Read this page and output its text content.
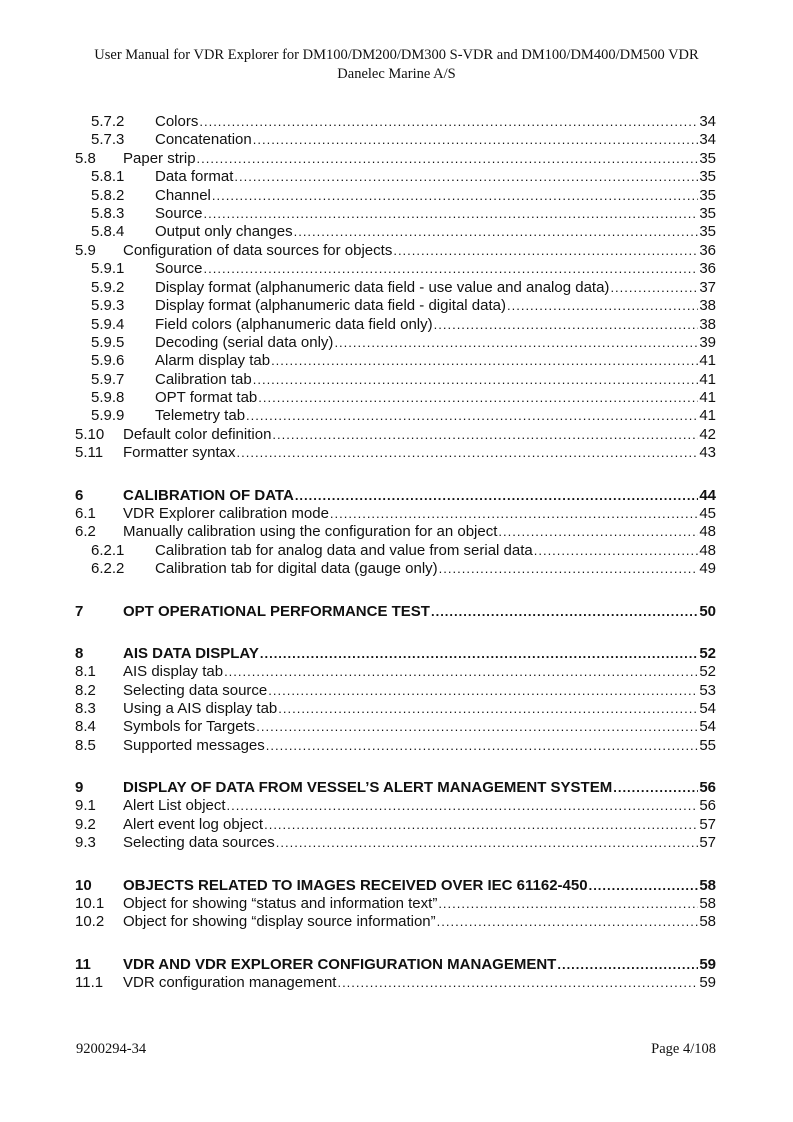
User Manual for VDR Explorer for DM100/DM200/DM300 S-VDR and DM100/DM400/DM500 VDR
Danelec Marine A/S
5.7.2 Colors .....	34
5.7.3 Concatenation .....	34
5.8 Paper strip .....	35
5.8.1 Data format .....	35
5.8.2 Channel .....	35
5.8.3 Source .....	35
5.8.4 Output only changes .....	35
5.9 Configuration of data sources for objects .....	36
5.9.1 Source .....	36
5.9.2 Display format (alphanumeric data field - use value and analog data) .....	37
5.9.3 Display format (alphanumeric data field - digital data) .....	38
5.9.4 Field colors (alphanumeric data field only) .....	38
5.9.5 Decoding (serial data only) .....	39
5.9.6 Alarm display tab .....	41
5.9.7 Calibration tab .....	41
5.9.8 OPT format tab .....	41
5.9.9 Telemetry tab .....	41
5.10 Default color definition .....	42
5.11 Formatter syntax .....	43
6	CALIBRATION OF DATA .....	44
6.1 VDR Explorer calibration mode .....	45
6.2 Manually calibration using the configuration for an object .....	48
6.2.1 Calibration tab for analog data and value from serial data .....	48
6.2.2 Calibration tab for digital data (gauge only) .....	49
7	OPT OPERATIONAL PERFORMANCE TEST .....	50
8	AIS DATA DISPLAY .....	52
8.1 AIS display tab .....	52
8.2 Selecting data source .....	53
8.3 Using a AIS display tab .....	54
8.4 Symbols for Targets .....	54
8.5 Supported messages .....	55
9	DISPLAY OF DATA FROM VESSEL’S ALERT MANAGEMENT SYSTEM .....	56
9.1 Alert List object .....	56
9.2 Alert event log object .....	57
9.3 Selecting data sources .....	57
10 OBJECTS RELATED TO IMAGES RECEIVED OVER IEC 61162-450 .....	58
10.1 Object for showing “status and information text” .....	58
10.2 Object for showing “display source information” .....	58
11 VDR AND VDR EXPLORER CONFIGURATION MANAGEMENT .....	59
11.1 VDR configuration management .....	59
9200294-34	Page 4/108
